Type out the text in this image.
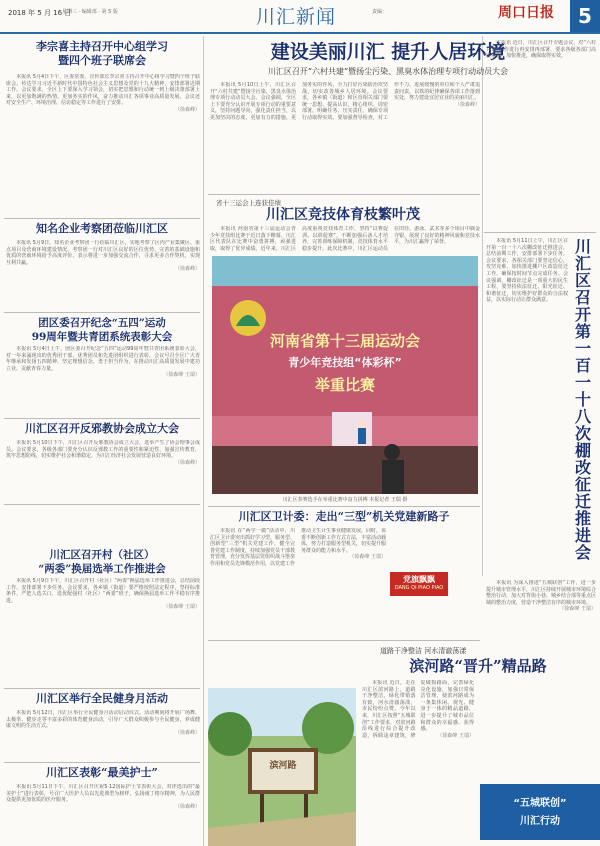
2018 年 5 月 16 日
星期三 · 编辑部 · 第 5 版	川汇新闻	责编：	周口日报	5
李宗喜主持召开中心组学习
暨四个班子联席会

本报讯 5月4日下午，区委常委、宣传部长李宗喜主持召开中心组学习暨四个班子联席会，传达学习习近平新时代中国特色社会主义思想及党的十九大精神，安排部署近期工作。会议要求，全区上下要深入学习领会，切实把思想和行动统一到上级决策部署上来，以更加饱满的热情、更加务实的作风，奋力推动川汇各项事业高质量发展。会议还对安全生产、环境治理、信访稳定等工作进行了安排。

（徐森峰）
知名企业考察团莅临川汇区

本报讯 5月9日，知名企业考察团一行莅临川汇区，实地考察了区内产业集聚区、重点项目及营商环境建设情况。考察团一行对川汇区良好的区位优势、完善的基础设施和优质的营商环境给予高度评价，表示将进一步加强交流合作，寻求更多合作契机，实现互利共赢。

（徐森峰）
团区委召开纪念“五四”运动
99周年暨共青团系统表彰大会

本报讯 5月4日上午，团区委召开纪念“五四”运动99周年暨共青团系统表彰大会，对一年来涌现出的优秀团干部、优秀团员和先进团组织进行表彰。会议号召全区广大青年继承和发扬五四精神，坚定理想信念，勇于担当作为，在推动川汇高质量发展中建功立业、贡献青春力量。

（徐森峰 王瑞）
川汇区召开反邪教协会成立大会

本报讯 5月10日下午，川汇区召开反邪教协会成立大会，选举产生了协会理事会成员。会议要求，各级各部门要充分认识反邪教工作的重要性和紧迫性，加强宣传教育，筑牢思想防线，切实维护社会和谐稳定，为川汇经济社会发展营造良好环境。

（徐森峰）
川汇区召开村（社区）
“两委”换届选举工作推进会

本报讯 5月9日下午，川汇区召开村（社区）“两委”换届选举工作推进会，总结前段工作，安排部署下步任务。会议要求，各乡镇（街道）要严格按照法定程序，坚持标准条件，严把人选关口，选优配强村（社区）“两委”班子，确保换届选举工作平稳有序推进。

（徐森峰 王瑞）
川汇区举行全民健身月活动

本报讯 5月12日，川汇区举行全民健身月活动启动仪式。活动期间将开展广场舞、太极拳、健步走等丰富多彩的体育健身活动，引导广大群众积极参与全民健身，养成健康文明的生活方式。

（徐森峰）
川汇区表彰“最美护士”

本报讯 5月11日下午，川汇区召开庆祝5·12国际护士节表彰大会，对评选出的“最美护士”进行表彰，号召广大医护人员以先进典型为榜样，弘扬南丁格尔精神，为人民群众提供更加优质的医疗服务。

（徐森峰）
建设美丽川汇 提升人居环境
川汇区召开“六村共建”暨扬尘污染、黑臭水体治理专项行动动员大会

本报讯 5月10日上午，川汇区召开“六村共建”暨扬尘污染、黑臭水体治理专项行动动员大会。会议强调，全区上下要充分认识开展专项行动的重要意义，坚持问题导向，强化责任担当，以更加坚决的态度、更加有力的措施、更加务实的作风，全力打好污染防治攻坚战，切实改善城乡人居环境。会议要求，各乡镇（街道）和区直相关部门要统一思想、提高认识，精心组织、周密部署，明确任务、压实责任，确保专项行动取得实效。要加强督导检查，对工作不力、进展缓慢的单位和个人严肃追责问责，以铁的纪律确保各项工作落到实处，努力建设宜居宜业的美丽川汇。

（徐森峰）
省十三运会上连获佳绩
川汇区竞技体育枝繁叶茂

本报讯 河南省第十三届运动会青少年竞技组比赛于近日落下帷幕，川汇区代表队在比赛中奋勇拼搏，顽强进取，取得了优异成绩。近年来，川汇区高度重视竞技体育工作，坚持“以赛促训、以训促赛”，不断加强后备人才培养，完善训练保障机制，竞技体育水平稳步提升。此次比赛中，川汇区运动员在田径、游泳、武术等多个项目中摘金夺银，展现了良好的精神风貌和竞技水平，为川汇赢得了荣誉。

河南省第十三届运动会
青少年竞技组“体彩杯”
举重比赛
川汇区参赛选手在举重比赛中奋力拼搏 本报记者 王瑞 摄
川汇区卫计委：走出“三型”机关党建新路子

本报讯 在“两学一做”活动中，川汇区卫计委突出抓好学习型、服务型、创新型“三型”机关党建工作，健全完善党建工作制度，持续加强党员干部教育管理，充分发挥基层党组织战斗堡垒作用和党员先锋模范作用，以党建工作推动卫生计生事业健康发展。同时，该委不断创新工作方式方法，丰富活动载体，努力打造服务型机关，切实提升服务群众的能力和水平。

（徐森峰 王瑞）
党旗飘飘
DANG QI PIAO PIAO
道路干净整洁 河水清澈荡漾
滨河路“晋升”精品路
滨河路

本报讯 近日，走在川汇区滨河路上，道路干净整洁，绿化带错落有致，河水清澈荡漾，市民纷纷点赞。今年以来，川汇区按照“五城联创”工作要求，对滨河路沿线进行综合提升改造，拆除违章建筑，修复破损路面，完善绿化亮化设施，加强日常保洁管理，使滨河路成为一条集休闲、观光、健身于一体的精品道路，进一步提升了城市品位和群众的幸福感、获得感。

（徐森峰 王瑞）

本报讯 近日，川汇区召开专题会议，对“六村共建”工作进行再安排再部署，要求各级各部门高度重视，加快推进，确保取得实效。

本报讯 5月11日上午，川汇区召开第一百一十八次棚改征迁推进会，总结前期工作，安排部署下步任务。会议要求，各相关部门要坚定信心，攻坚克难，加快推进棚户区改造征迁工作，确保按时间节点完成任务。会议强调，棚改征迁是一项重大的民生工程，要坚持依法征迁、阳光征迁、和谐征迁，切实维护好群众的合法权益，以实际行动让群众满意。

川汇区召开第一百一十八次棚改征迁推进会

本报讯 为深入推进“五城联创”工作，进一步提升城市管理水平，川汇区持续开展城市环境综合整治行动，加大对背街小巷、城乡结合部等重点区域的整治力度，营造干净整洁有序的城市环境。

（徐森峰 王瑞）
“五城联创”
川汇行动
